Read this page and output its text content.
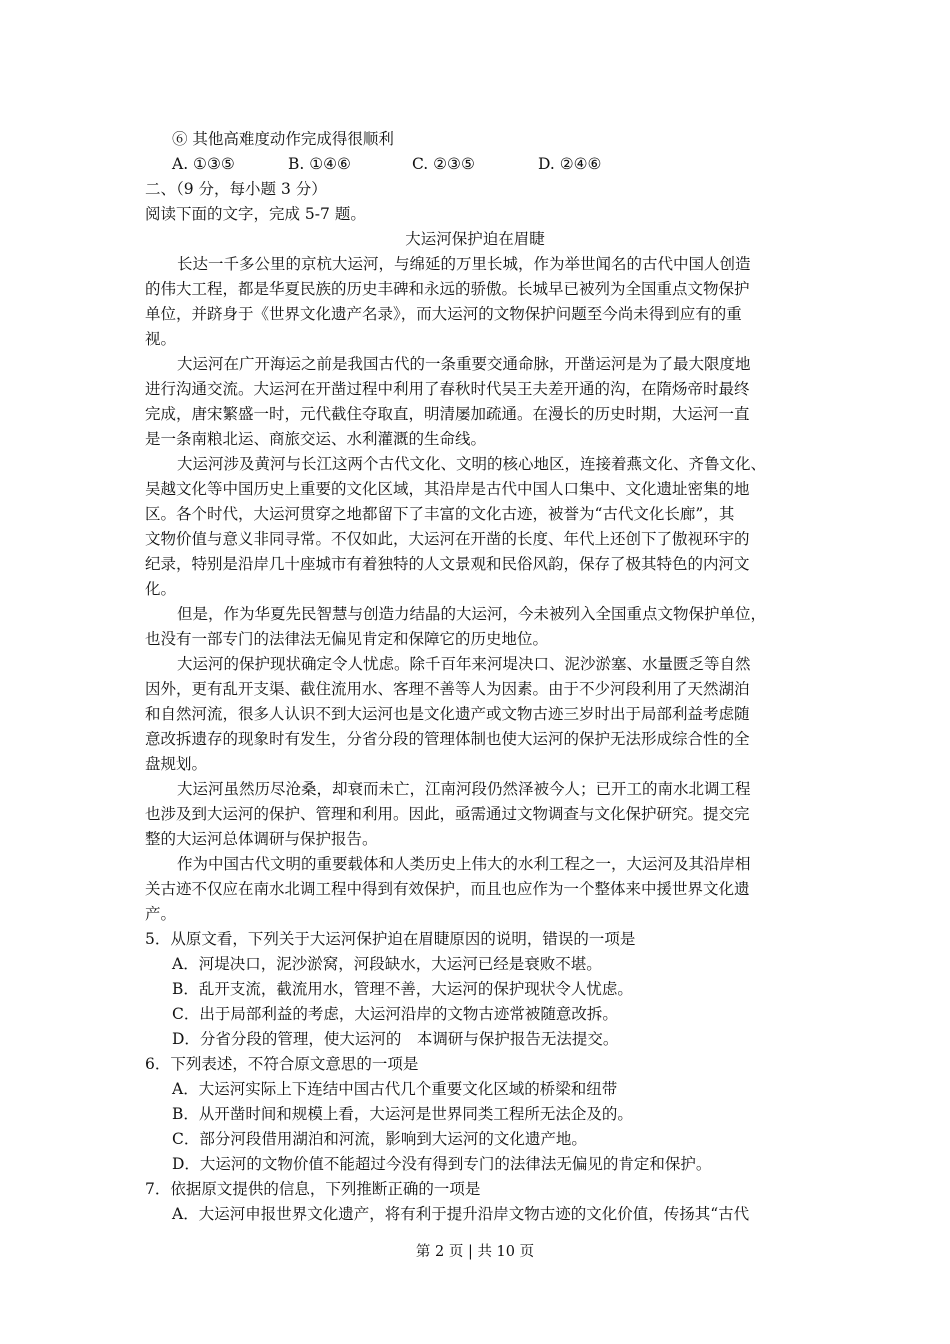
⑥ 其他高难度动作完成得很顺利
A. ①③⑤	B. ①④⑥	C. ②③⑤	D. ②④⑥
二、（9 分，每小题 3 分）
阅读下面的文字，完成 5-7 题。
大运河保护迫在眉睫
长达一千多公里的京杭大运河，与绵延的万里长城，作为举世闻名的古代中国人创造
的伟大工程，都是华夏民族的历史丰碑和永远的骄傲。长城早已被列为全国重点文物保护
单位，并跻身于《世界文化遗产名录》，而大运河的文物保护问题至今尚未得到应有的重
视。
大运河在广开海运之前是我国古代的一条重要交通命脉，开凿运河是为了最大限度地
进行沟通交流。大运河在开凿过程中利用了春秋时代吴王夫差开通的沟，在隋炀帝时最终
完成，唐宋繁盛一时，元代截住夺取直，明清屡加疏通。在漫长的历史时期，大运河一直
是一条南粮北运、商旅交运、水利灌溉的生命线。
大运河涉及黄河与长江这两个古代文化、文明的核心地区，连接着燕文化、齐鲁文化、
吴越文化等中国历史上重要的文化区域，其沿岸是古代中国人口集中、文化遗址密集的地
区。各个时代，大运河贯穿之地都留下了丰富的文化古迹，被誉为“古代文化长廊”，其
文物价值与意义非同寻常。不仅如此，大运河在开凿的长度、年代上还创下了傲视环宇的
纪录，特别是沿岸几十座城市有着独特的人文景观和民俗风韵，保存了极其特色的内河文
化。
但是，作为华夏先民智慧与创造力结晶的大运河，今未被列入全国重点文物保护单位，
也没有一部专门的法律法无偏见肯定和保障它的历史地位。
大运河的保护现状确定令人忧虑。除千百年来河堤决口、泥沙淤塞、水量匮乏等自然
因外，更有乱开支渠、截住流用水、客理不善等人为因素。由于不少河段利用了天然湖泊
和自然河流，很多人认识不到大运河也是文化遗产或文物古迹三岁时出于局部利益考虑随
意改拆遗存的现象时有发生，分省分段的管理体制也使大运河的保护无法形成综合性的全
盘规划。
大运河虽然历尽沧桑，却衰而未亡，江南河段仍然泽被今人；已开工的南水北调工程
也涉及到大运河的保护、管理和利用。因此，亟需通过文物调查与文化保护研究。提交完
整的大运河总体调研与保护报告。
作为中国古代文明的重要载体和人类历史上伟大的水利工程之一，大运河及其沿岸相
关古迹不仅应在南水北调工程中得到有效保护，而且也应作为一个整体来中援世界文化遗
产。
5．从原文看，下列关于大运河保护迫在眉睫原因的说明，错误的一项是
A．河堤决口，泥沙淤窝，河段缺水，大运河已经是衰败不堪。
B．乱开支流，截流用水，管理不善，大运河的保护现状令人忧虑。
C．出于局部利益的考虑，大运河沿岸的文物古迹常被随意改拆。
D．分省分段的管理，使大运河的　本调研与保护报告无法提交。
6．下列表述，不符合原文意思的一项是
A．大运河实际上下连结中国古代几个重要文化区域的桥梁和纽带
B．从开凿时间和规模上看，大运河是世界同类工程所无法企及的。
C．部分河段借用湖泊和河流，影响到大运河的文化遗产地。
D．大运河的文物价值不能超过今没有得到专门的法律法无偏见的肯定和保护。
7．依据原文提供的信息，下列推断正确的一项是
A．大运河申报世界文化遗产，将有利于提升沿岸文物古迹的文化价值，传扬其“古代
第 2 页 | 共 10 页
